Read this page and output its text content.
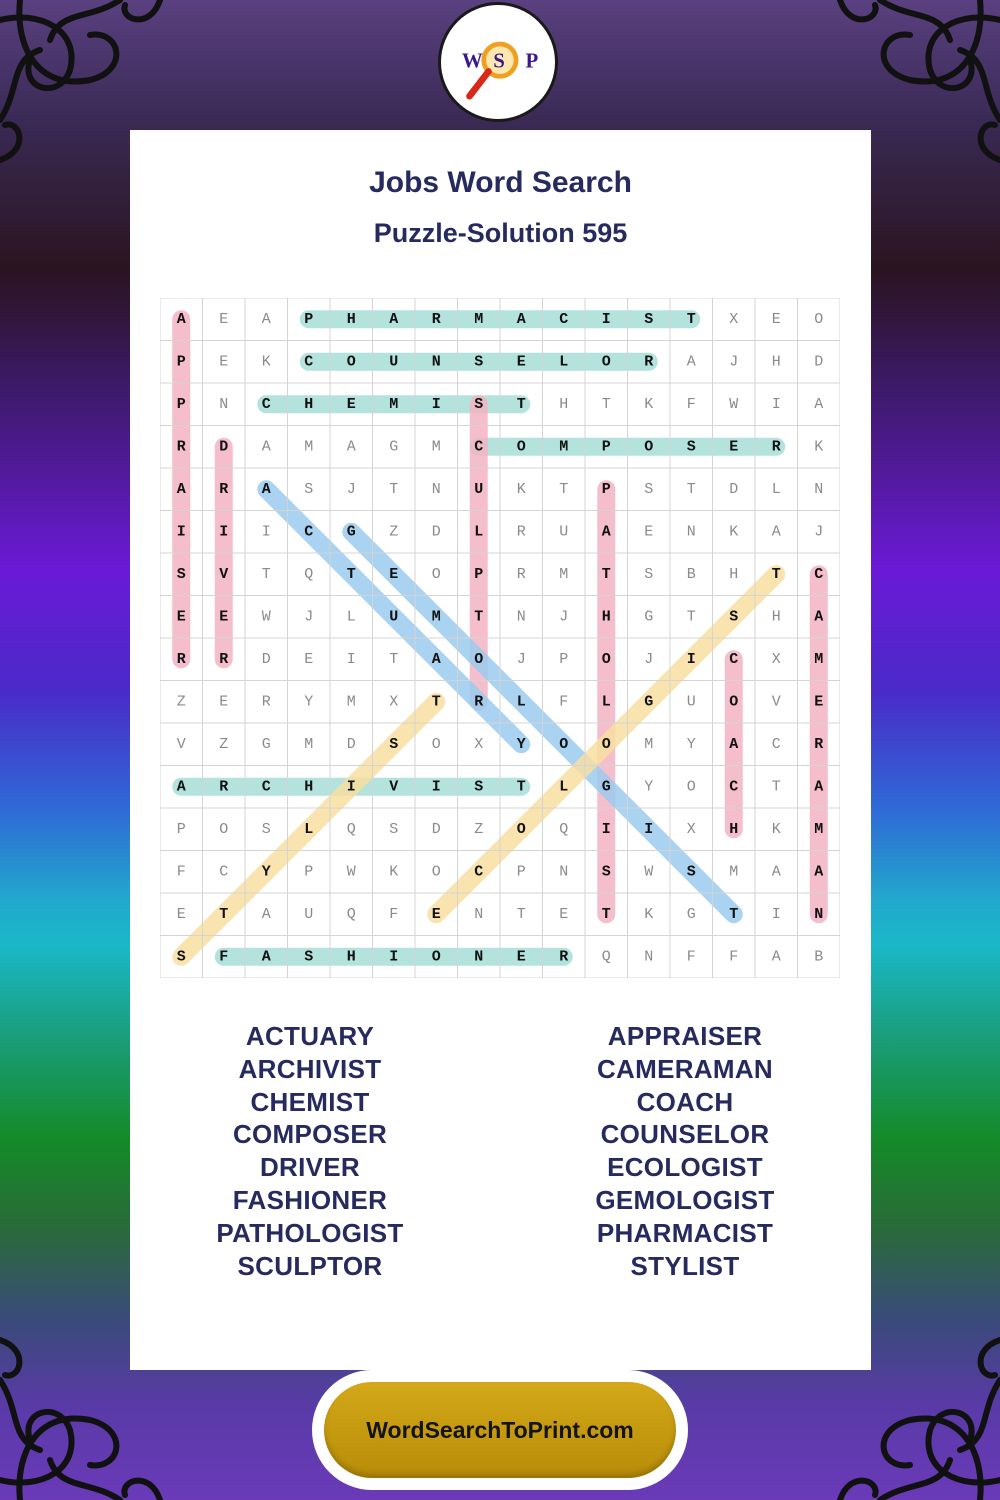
W S P
Jobs Word Search
Puzzle-Solution 595
A E A P H A R M A C I S T X E O
P E K C O U N S E L O R A J H D
P N C H E M I S T H T K F W I A
R D A M A G M C O M P O S E R K
A R A S J T N U K T P S T D L N
I I I C G Z D L R U A E N K A J
S V T Q T E O P R M T S B H T C
E E W J L U M T N J H G T S H A
R R D E I T A O J P O J I C X M
Z E R Y M X T R L F L G U O V E
V Z G M D S O X Y O O M Y A C R
A R C H I V I S T L G Y O C T A
P O S L Q S D Z O Q I I X H K M
F C Y P W K O C P N S W S M A A
E T A U Q F E N T E T K G T I N
S F A S H I O N E R Q N F F A B
ACTUARY
ARCHIVIST
CHEMIST
COMPOSER
DRIVER
FASHIONER
PATHOLOGIST
SCULPTOR
APPRAISER
CAMERAMAN
COACH
COUNSELOR
ECOLOGIST
GEMOLOGIST
PHARMACIST
STYLIST
WordSearchToPrint.com
